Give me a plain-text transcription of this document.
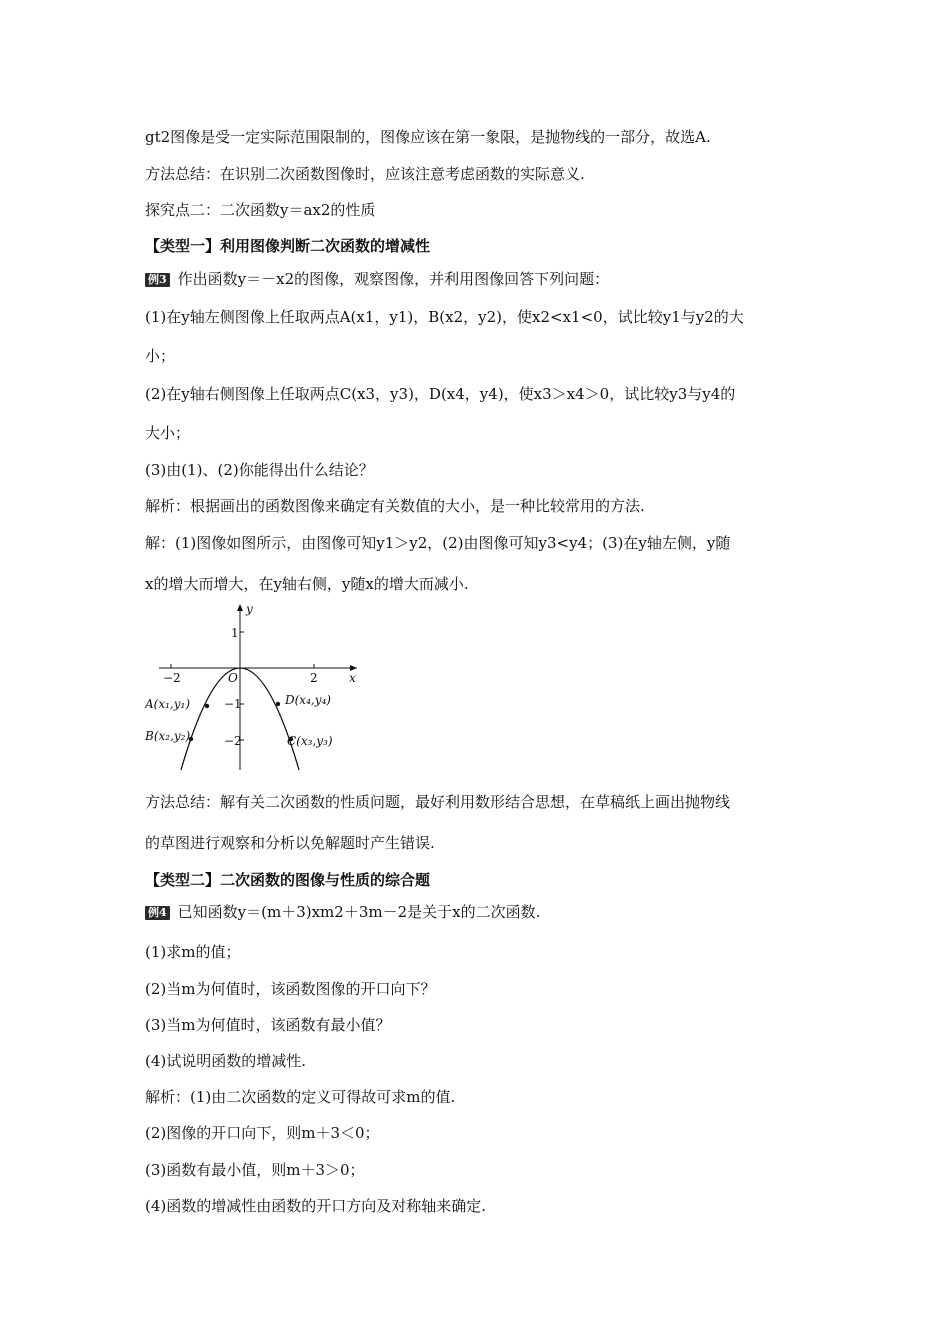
gt2图像是受一定实际范围限制的，图像应该在第一象限，是抛物线的一部分，故选A.
方法总结：在识别二次函数图像时，应该注意考虑函数的实际意义.
探究点二：二次函数y＝ax2的性质
【类型一】利用图像判断二次函数的增减性
例3 作出函数y＝－x2的图像，观察图像，并利用图像回答下列问题：
(1)在y轴左侧图像上任取两点A(x1，y1)，B(x2，y2)，使x2<x1<0，试比较y1与y2的大
小；
(2)在y轴右侧图像上任取两点C(x3，y3)，D(x4，y4)，使x3＞x4＞0，试比较y3与y4的
大小；
(3)由(1)、(2)你能得出什么结论？
解析：根据画出的函数图像来确定有关数值的大小，是一种比较常用的方法.
解：(1)图像如图所示，由图像可知y1＞y2，(2)由图像可知y3<y4；(3)在y轴左侧，y随
x的增大而增大，在y轴右侧，y随x的增大而减小.
x
y
O
−2	2
1
−1
−2
A(x₁,y₁)
B(x₂,y₂)	C(x₃,y₃)
D(x₄,y₄)
方法总结：解有关二次函数的性质问题，最好利用数形结合思想，在草稿纸上画出抛物线
的草图进行观察和分析以免解题时产生错误.
【类型二】二次函数的图像与性质的综合题
例4 已知函数y＝(m＋3)xm2＋3m－2是关于x的二次函数.
(1)求m的值；
(2)当m为何值时，该函数图像的开口向下？
(3)当m为何值时，该函数有最小值？
(4)试说明函数的增减性.
解析：(1)由二次函数的定义可得故可求m的值.
(2)图像的开口向下，则m＋3＜0；
(3)函数有最小值，则m＋3＞0；
(4)函数的增减性由函数的开口方向及对称轴来确定.
